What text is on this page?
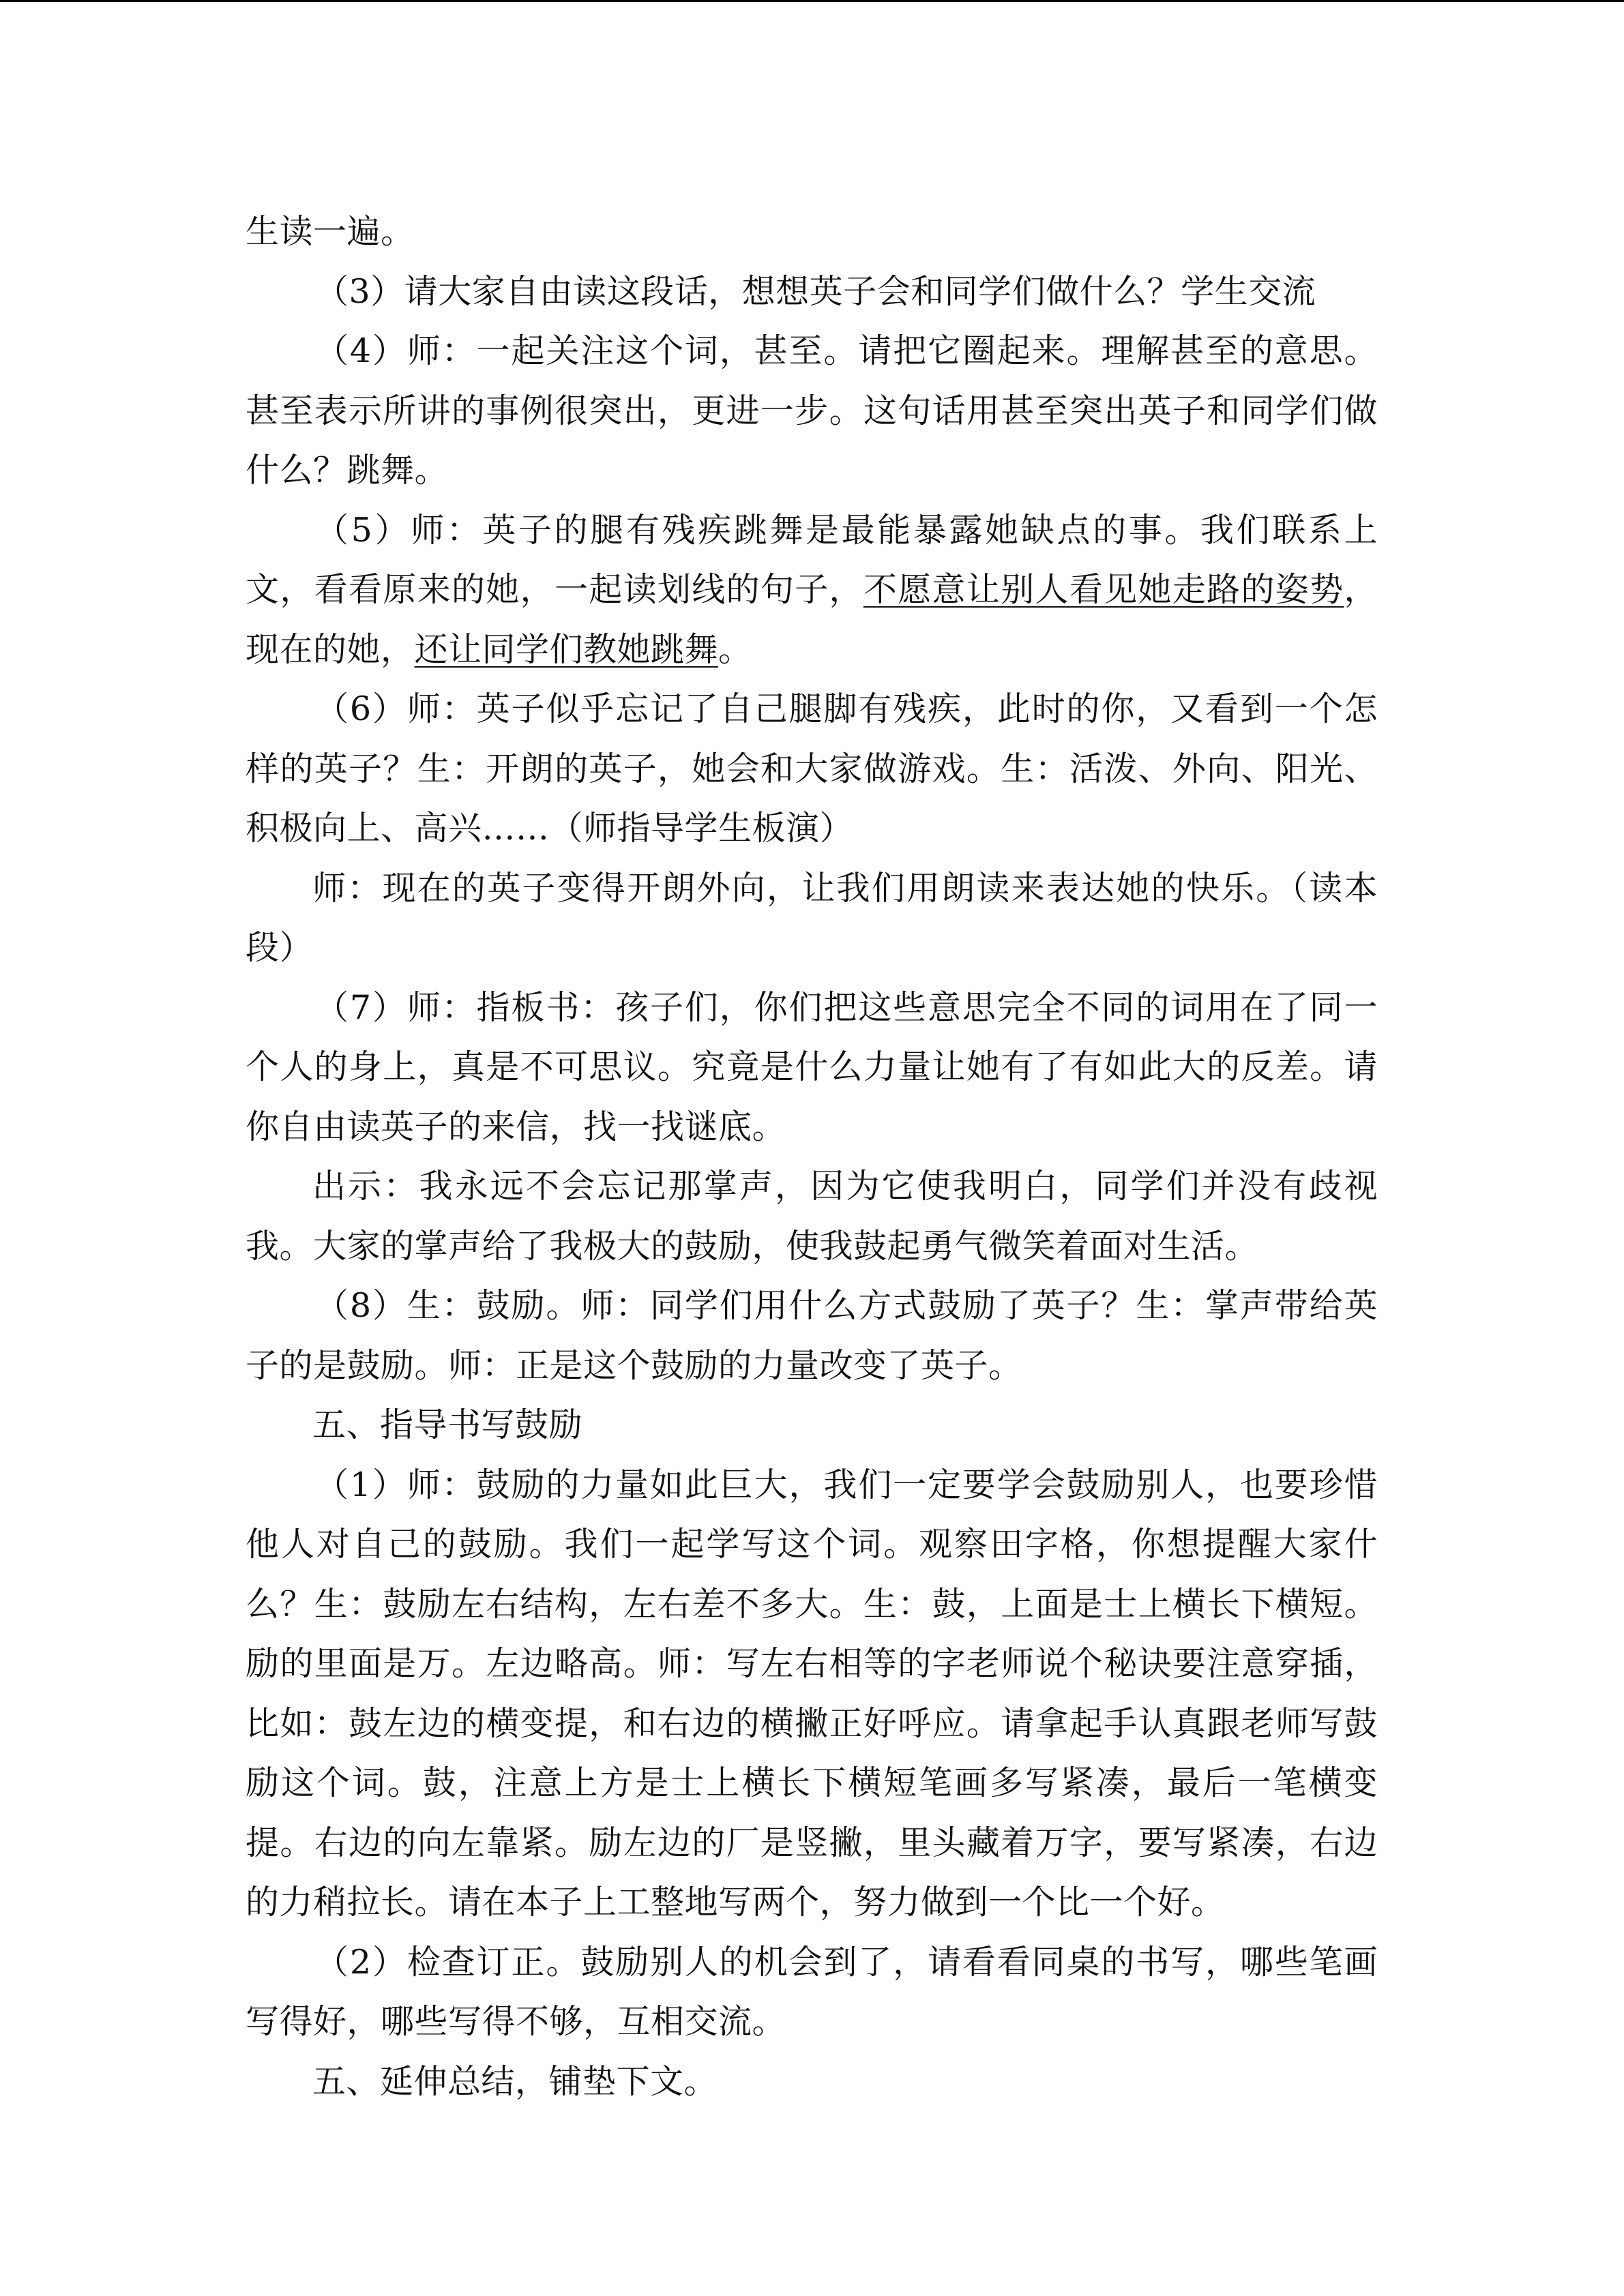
生读一遍。

（3）请大家自由读这段话，想想英子会和同学们做什么？学生交流

（4）师：一起关注这个词，甚至。请把它圈起来。理解甚至的意思。甚至表示所讲的事例很突出，更进一步。这句话用甚至突出英子和同学们做什么？跳舞。

（5）师：英子的腿有残疾跳舞是最能暴露她缺点的事。我们联系上文，看看原来的她，一起读划线的句子，不愿意让别人看见她走路的姿势，现在的她，还让同学们教她跳舞。

（6）师：英子似乎忘记了自己腿脚有残疾，此时的你，又看到一个怎样的英子？生：开朗的英子，她会和大家做游戏。生：活泼、外向、阳光、积极向上、高兴……（师指导学生板演）

师：现在的英子变得开朗外向，让我们用朗读来表达她的快乐。（读本段）

（7）师：指板书：孩子们，你们把这些意思完全不同的词用在了同一个人的身上，真是不可思议。究竟是什么力量让她有了有如此大的反差。请你自由读英子的来信，找一找谜底。

出示：我永远不会忘记那掌声，因为它使我明白，同学们并没有歧视我。大家的掌声给了我极大的鼓励，使我鼓起勇气微笑着面对生活。

（8）生：鼓励。师：同学们用什么方式鼓励了英子？生：掌声带给英子的是鼓励。师：正是这个鼓励的力量改变了英子。

五、指导书写鼓励

（1）师：鼓励的力量如此巨大，我们一定要学会鼓励别人，也要珍惜他人对自己的鼓励。我们一起学写这个词。观察田字格，你想提醒大家什么？生：鼓励左右结构，左右差不多大。生：鼓，上面是士上横长下横短。励的里面是万。左边略高。师：写左右相等的字老师说个秘诀要注意穿插，比如：鼓左边的横变提，和右边的横撇正好呼应。请拿起手认真跟老师写鼓励这个词。鼓，注意上方是士上横长下横短笔画多写紧凑，最后一笔横变提。右边的向左靠紧。励左边的厂是竖撇，里头藏着万字，要写紧凑，右边的力稍拉长。请在本子上工整地写两个，努力做到一个比一个好。

（2）检查订正。鼓励别人的机会到了，请看看同桌的书写，哪些笔画写得好，哪些写得不够，互相交流。

五、延伸总结，铺垫下文。
